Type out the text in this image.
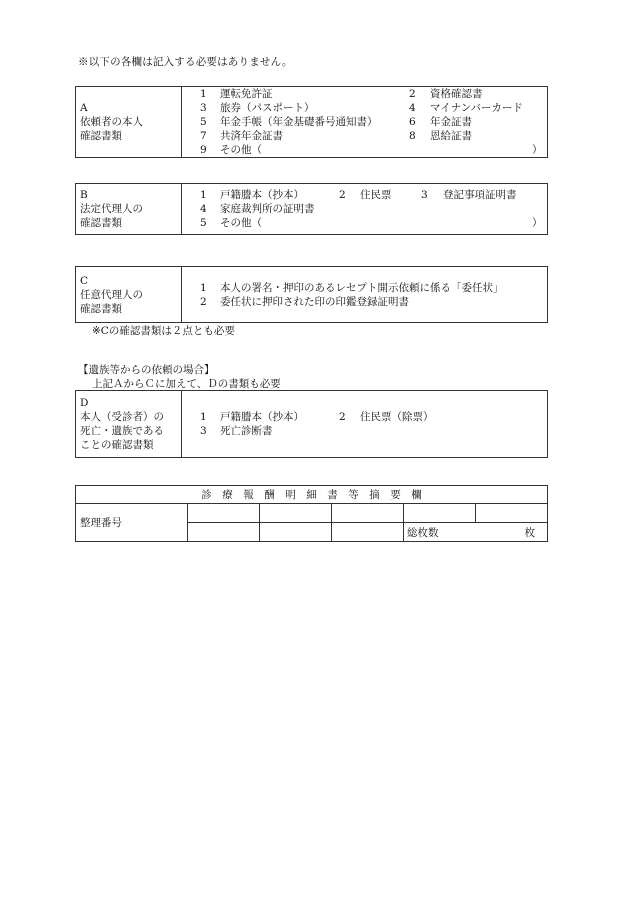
※以下の各欄は記入する必要はありません。
A
依頼者の本人
確認書類

1 運転免許証	2 資格確認書
3 旅券（パスポート）	4 マイナンバーカード
5 年金手帳（年金基礎番号通知書）	6 年金証書
7 共済年金証書	8 恩給証書
9 その他（	）
B
法定代理人の
確認書類

1 戸籍謄本（抄本）	2 住民票	3 登記事項証明書
4 家庭裁判所の証明書
5 その他（	）
C
任意代理人の
確認書類

1 本人の署名・押印のあるレセプト開示依頼に係る「委任状」
2 委任状に押印された印の印鑑登録証明書
※Cの確認書類は２点とも必要
【遺族等からの依頼の場合】
上記ＡからＣに加えて、Ｄの書類も必要
D
本人（受診者）の
死亡・遺族である
ことの確認書類

1 戸籍謄本（抄本）	2 住民票（除票）
3 死亡診断書
診　療　報　酬　明　細　書　等　摘　要　欄					
整理番号					
				総枚数 枚	
